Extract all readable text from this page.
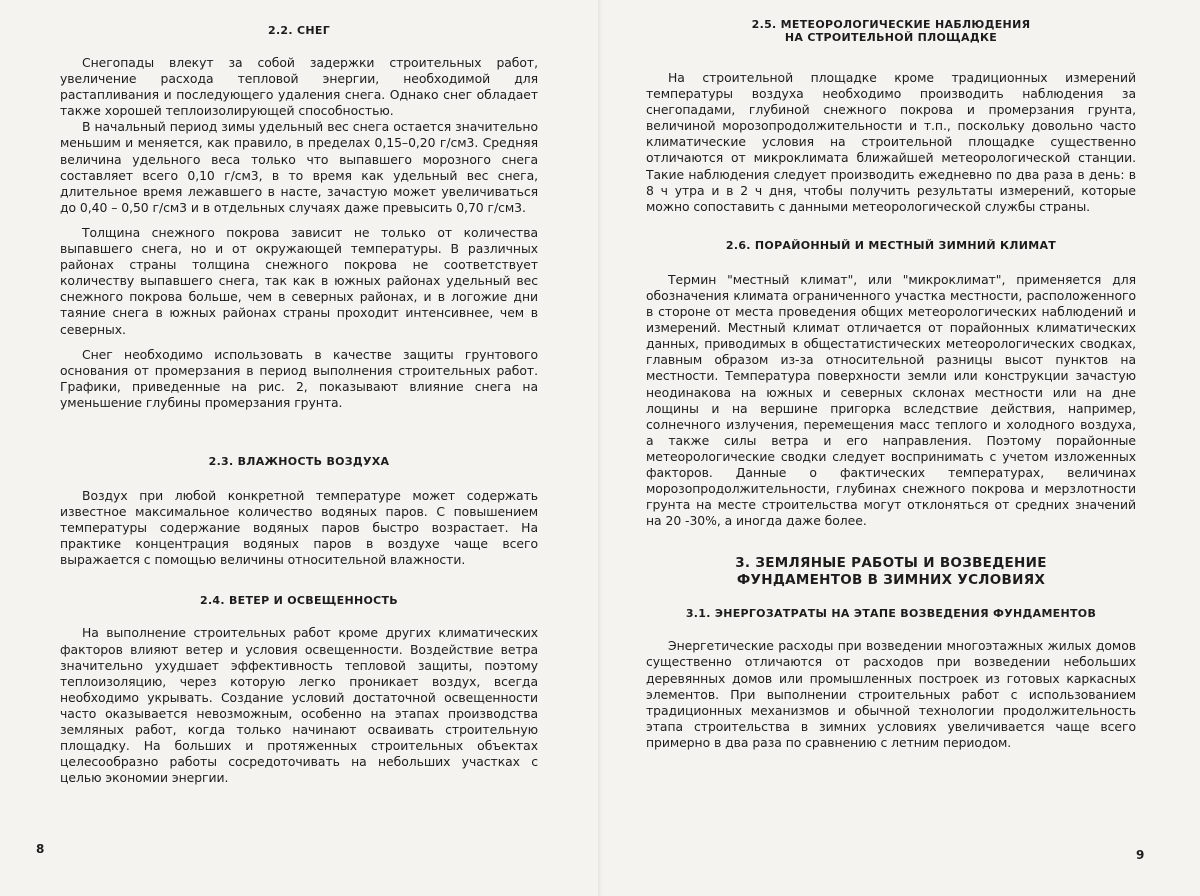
2.2. СНЕГ

Снегопады влекут за собой задержки строительных работ, увеличение расхода тепловой энергии, необходимой для растапливания и последующего удаления снега. Однако снег обладает также хорошей теплоизолирующей способностью.

В начальный период зимы удельный вес снега остается значительно меньшим и меняется, как правило, в пределах 0,15–0,20 г/см3. Средняя величина удельного веса только что выпавшего морозного снега составляет всего 0,10 г/см3, в то время как удельный вес снега, длительное время лежавшего в насте, зачастую может увеличиваться до 0,40 – 0,50 г/см3 и в отдельных случаях даже превысить 0,70 г/см3.

Толщина снежного покрова зависит не только от количества выпавшего снега, но и от окружающей температуры. В различных районах страны толщина снежного покрова не соответствует количеству выпавшего снега, так как в южных районах удельный вес снежного покрова больше, чем в северных районах, и в логожие дни таяние снега в южных районах страны проходит интенсивнее, чем в северных.

Снег необходимо использовать в качестве защиты грунтового основания от промерзания в период выполнения строительных работ. Графики, приведенные на рис. 2, показывают влияние снега на уменьшение глубины промерзания грунта.

2.3. ВЛАЖНОСТЬ ВОЗДУХА

Воздух при любой конкретной температуре может содержать известное максимальное количество водяных паров. С повышением температуры содержание водяных паров быстро возрастает. На практике концентрация водяных паров в воздухе чаще всего выражается с помощью величины относительной влажности.

2.4. ВЕТЕР И ОСВЕЩЕННОСТЬ

На выполнение строительных работ кроме других климатических факторов влияют ветер и условия освещенности. Воздействие ветра значительно ухудшает эффективность тепловой защиты, поэтому теплоизоляцию, через которую легко проникает воздух, всегда необходимо укрывать. Создание условий достаточной освещенности часто оказывается невозможным, особенно на этапах производства земляных работ, когда только начинают осваивать строительную площадку. На больших и протяженных строительных объектах целесообразно работы сосредоточивать на небольших участках с целью экономии энергии.

8
2.5. МЕТЕОРОЛОГИЧЕСКИЕ НАБЛЮДЕНИЯ НА СТРОИТЕЛЬНОЙ ПЛОЩАДКЕ

На строительной площадке кроме традиционных измерений температуры воздуха необходимо производить наблюдения за снегопадами, глубиной снежного покрова и промерзания грунта, величиной морозопродолжительности и т.п., поскольку довольно часто климатические условия на строительной площадке существенно отличаются от микроклимата ближайшей метеорологической станции. Такие наблюдения следует производить ежедневно по два раза в день: в 8 ч утра и в 2 ч дня, чтобы получить результаты измерений, которые можно сопоставить с данными метеорологической службы страны.

2.6. ПОРАЙОННЫЙ И МЕСТНЫЙ ЗИМНИЙ КЛИМАТ

Термин "местный климат", или "микроклимат", применяется для обозначения климата ограниченного участка местности, расположенного в стороне от места проведения общих метеорологических наблюдений и измерений. Местный климат отличается от порайонных климатических данных, приводимых в общестатистических метеорологических сводках, главным образом из-за относительной разницы высот пунктов на местности. Температура поверхности земли или конструкции зачастую неодинакова на южных и северных склонах местности или на дне лощины и на вершине пригорка вследствие действия, например, солнечного излучения, перемещения масс теплого и холодного воздуха, а также силы ветра и его направления. Поэтому порайонные метеорологические сводки следует воспринимать с учетом изложенных факторов. Данные о фактических температурах, величинах морозопродолжительности, глубинах снежного покрова и мерзлотности грунта на месте строительства могут отклоняться от средних значений на 20 -30%, а иногда даже более.

3. ЗЕМЛЯНЫЕ РАБОТЫ И ВОЗВЕДЕНИЕ ФУНДАМЕНТОВ В ЗИМНИХ УСЛОВИЯХ
3.1. ЭНЕРГОЗАТРАТЫ НА ЭТАПЕ ВОЗВЕДЕНИЯ ФУНДАМЕНТОВ

Энергетические расходы при возведении многоэтажных жилых домов существенно отличаются от расходов при возведении небольших деревянных домов или промышленных построек из готовых каркасных элементов. При выполнении строительных работ с использованием традиционных механизмов и обычной технологии продолжительность этапа строительства в зимних условиях увеличивается чаще всего примерно в два раза по сравнению с летним периодом.

9
